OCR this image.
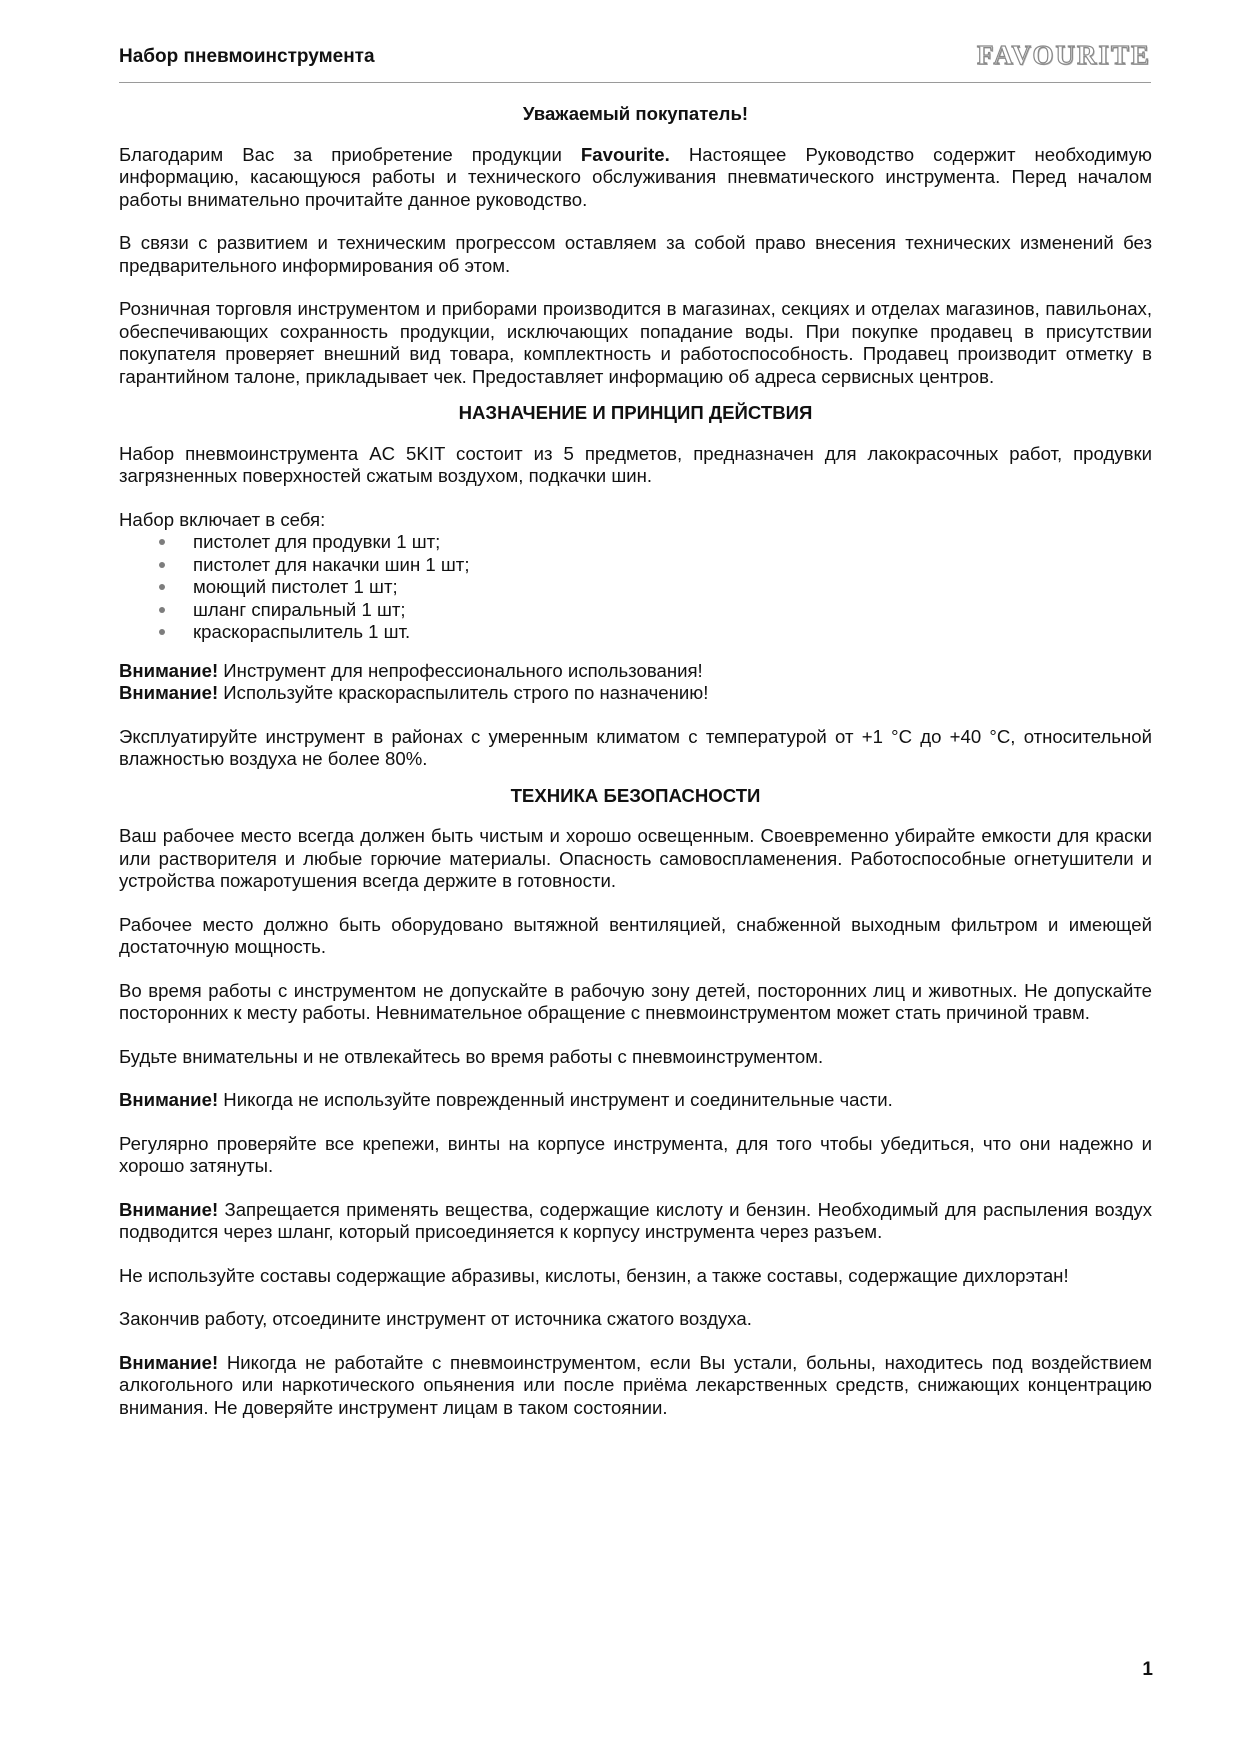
Набор пневмоинструмента	FAVOURITE

Уважаемый покупатель!

Благодарим Вас за приобретение продукции Favourite. Настоящее Руководство содержит необходимую информацию, касающуюся работы и технического обслуживания пневматического инструмента. Перед началом работы внимательно прочитайте данное руководство.

В связи с развитием и техническим прогрессом оставляем за собой право внесения технических изменений без предварительного информирования об этом.

Розничная торговля инструментом и приборами производится в магазинах, секциях и отделах магазинов, павильонах, обеспечивающих сохранность продукции, исключающих попадание воды. При покупке продавец в присутствии покупателя проверяет внешний вид товара, комплектность и работоспособность. Продавец производит отметку в гарантийном талоне, прикладывает чек. Предоставляет информацию об адреса сервисных центров.

НАЗНАЧЕНИЕ И ПРИНЦИП ДЕЙСТВИЯ

Набор пневмоинструмента AC 5KIT состоит из 5 предметов, предназначен для лакокрасочных работ, продувки загрязненных поверхностей сжатым воздухом, подкачки шин.

Набор включает в себя:

пистолет для продувки 1 шт;
пистолет для накачки шин 1 шт;
моющий пистолет 1 шт;
шланг спиральный 1 шт;
краскораспылитель 1 шт.

Внимание! Инструмент для непрофессионального использования!

Внимание! Используйте краскораспылитель строго по назначению!

Эксплуатируйте инструмент в районах с умеренным климатом с температурой от +1 °С до +40 °С, относительной влажностью воздуха не более 80%.

ТЕХНИКА БЕЗОПАСНОСТИ

Ваш рабочее место всегда должен быть чистым и хорошо освещенным. Своевременно убирайте емкости для краски или растворителя и любые горючие материалы. Опасность самовоспламенения. Работоспособные огнетушители и устройства пожаротушения всегда держите в готовности.

Рабочее место должно быть оборудовано вытяжной вентиляцией, снабженной выходным фильтром и имеющей достаточную мощность.

Во время работы с инструментом не допускайте в рабочую зону детей, посторонних лиц и животных. Не допускайте посторонних к месту работы. Невнимательное обращение с пневмоинструментом может стать причиной травм.

Будьте внимательны и не отвлекайтесь во время работы с пневмоинструментом.

Внимание! Никогда не используйте поврежденный инструмент и соединительные части.

Регулярно проверяйте все крепежи, винты на корпусе инструмента, для того чтобы убедиться, что они надежно и хорошо затянуты.

Внимание! Запрещается применять вещества, содержащие кислоту и бензин. Необходимый для распыления воздух подводится через шланг, который присоединяется к корпусу инструмента через разъем.

Не используйте составы содержащие абразивы, кислоты, бензин, а также составы, содержащие дихлорэтан!

Закончив работу, отсоедините инструмент от источника сжатого воздуха.

Внимание! Никогда не работайте с пневмоинструментом, если Вы устали, больны, находитесь под воздействием алкогольного или наркотического опьянения или после приёма лекарственных средств, снижающих концентрацию внимания. Не доверяйте инструмент лицам в таком состоянии.

1
